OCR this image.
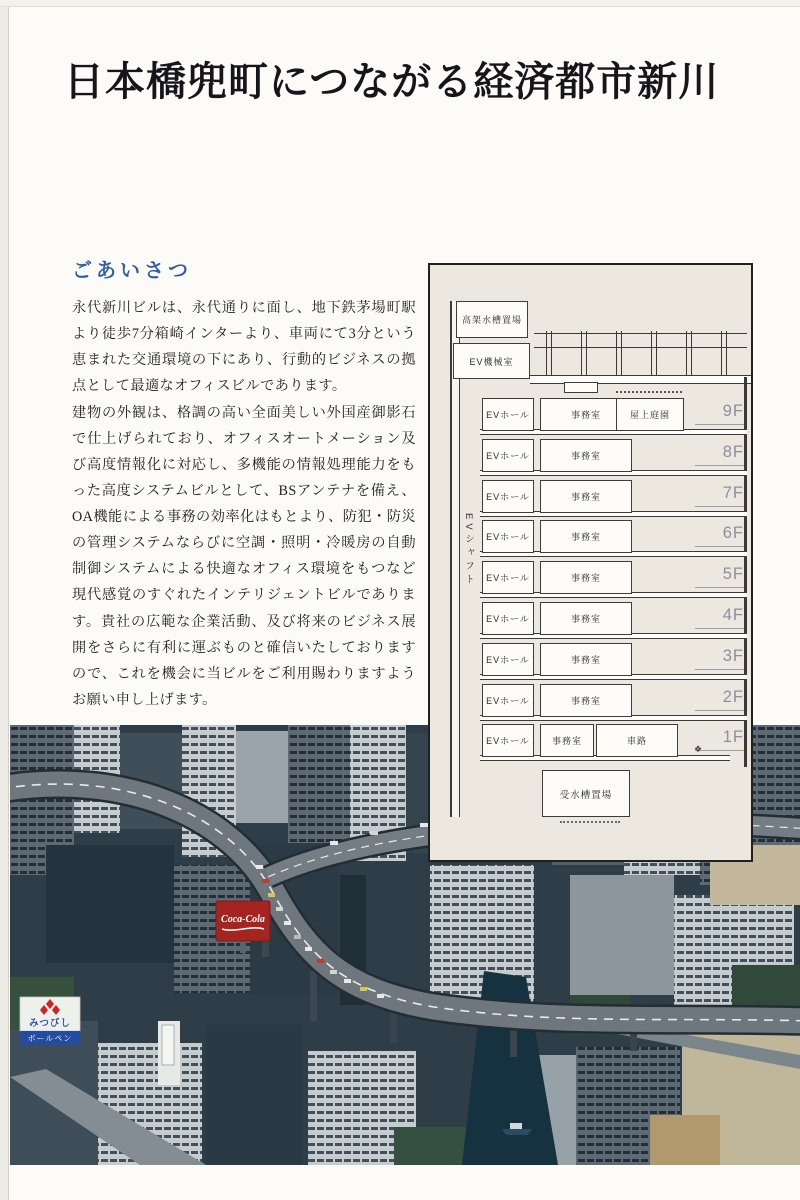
日本橋兜町につながる経済都市新川
ごあいさつ

永代新川ビルは、永代通りに面し、地下鉄茅場町駅より徒歩7分箱崎インターより、車両にて3分という恵まれた交通環境の下にあり、行動的ビジネスの拠点として最適なオフィスビルであります。

建物の外観は、格調の高い全面美しい外国産御影石で仕上げられており、オフィスオートメーション及び高度情報化に対応し、多機能の情報処理能力をもった高度システムビルとして、BSアンテナを備え、OA機能による事務の効率化はもとより、防犯・防災の管理システムならびに空調・照明・冷暖房の自動制御システムによる快適なオフィス環境をもつなど現代感覚のすぐれたインテリジェントビルであります。貴社の広範な企業活動、及び将来のビジネス展開をさらに有利に運ぶものと確信いたしておりますので、これを機会に当ビルをご利用賜わりますようお願い申し上げます。

Coca-Cola
みつびし
ボールペン
高架水槽置場
EV機械室
EVシャフト
EVホール	事務室	屋上庭園	9F
EVホール	事務室	8F
EVホール	事務室	7F
EVホール	事務室	6F
EVホール	事務室	5F
EVホール	事務室	4F
EVホール	事務室	3F
EVホール	事務室	2F
EVホール	事務室	車路	1F
受水槽置場
❖
